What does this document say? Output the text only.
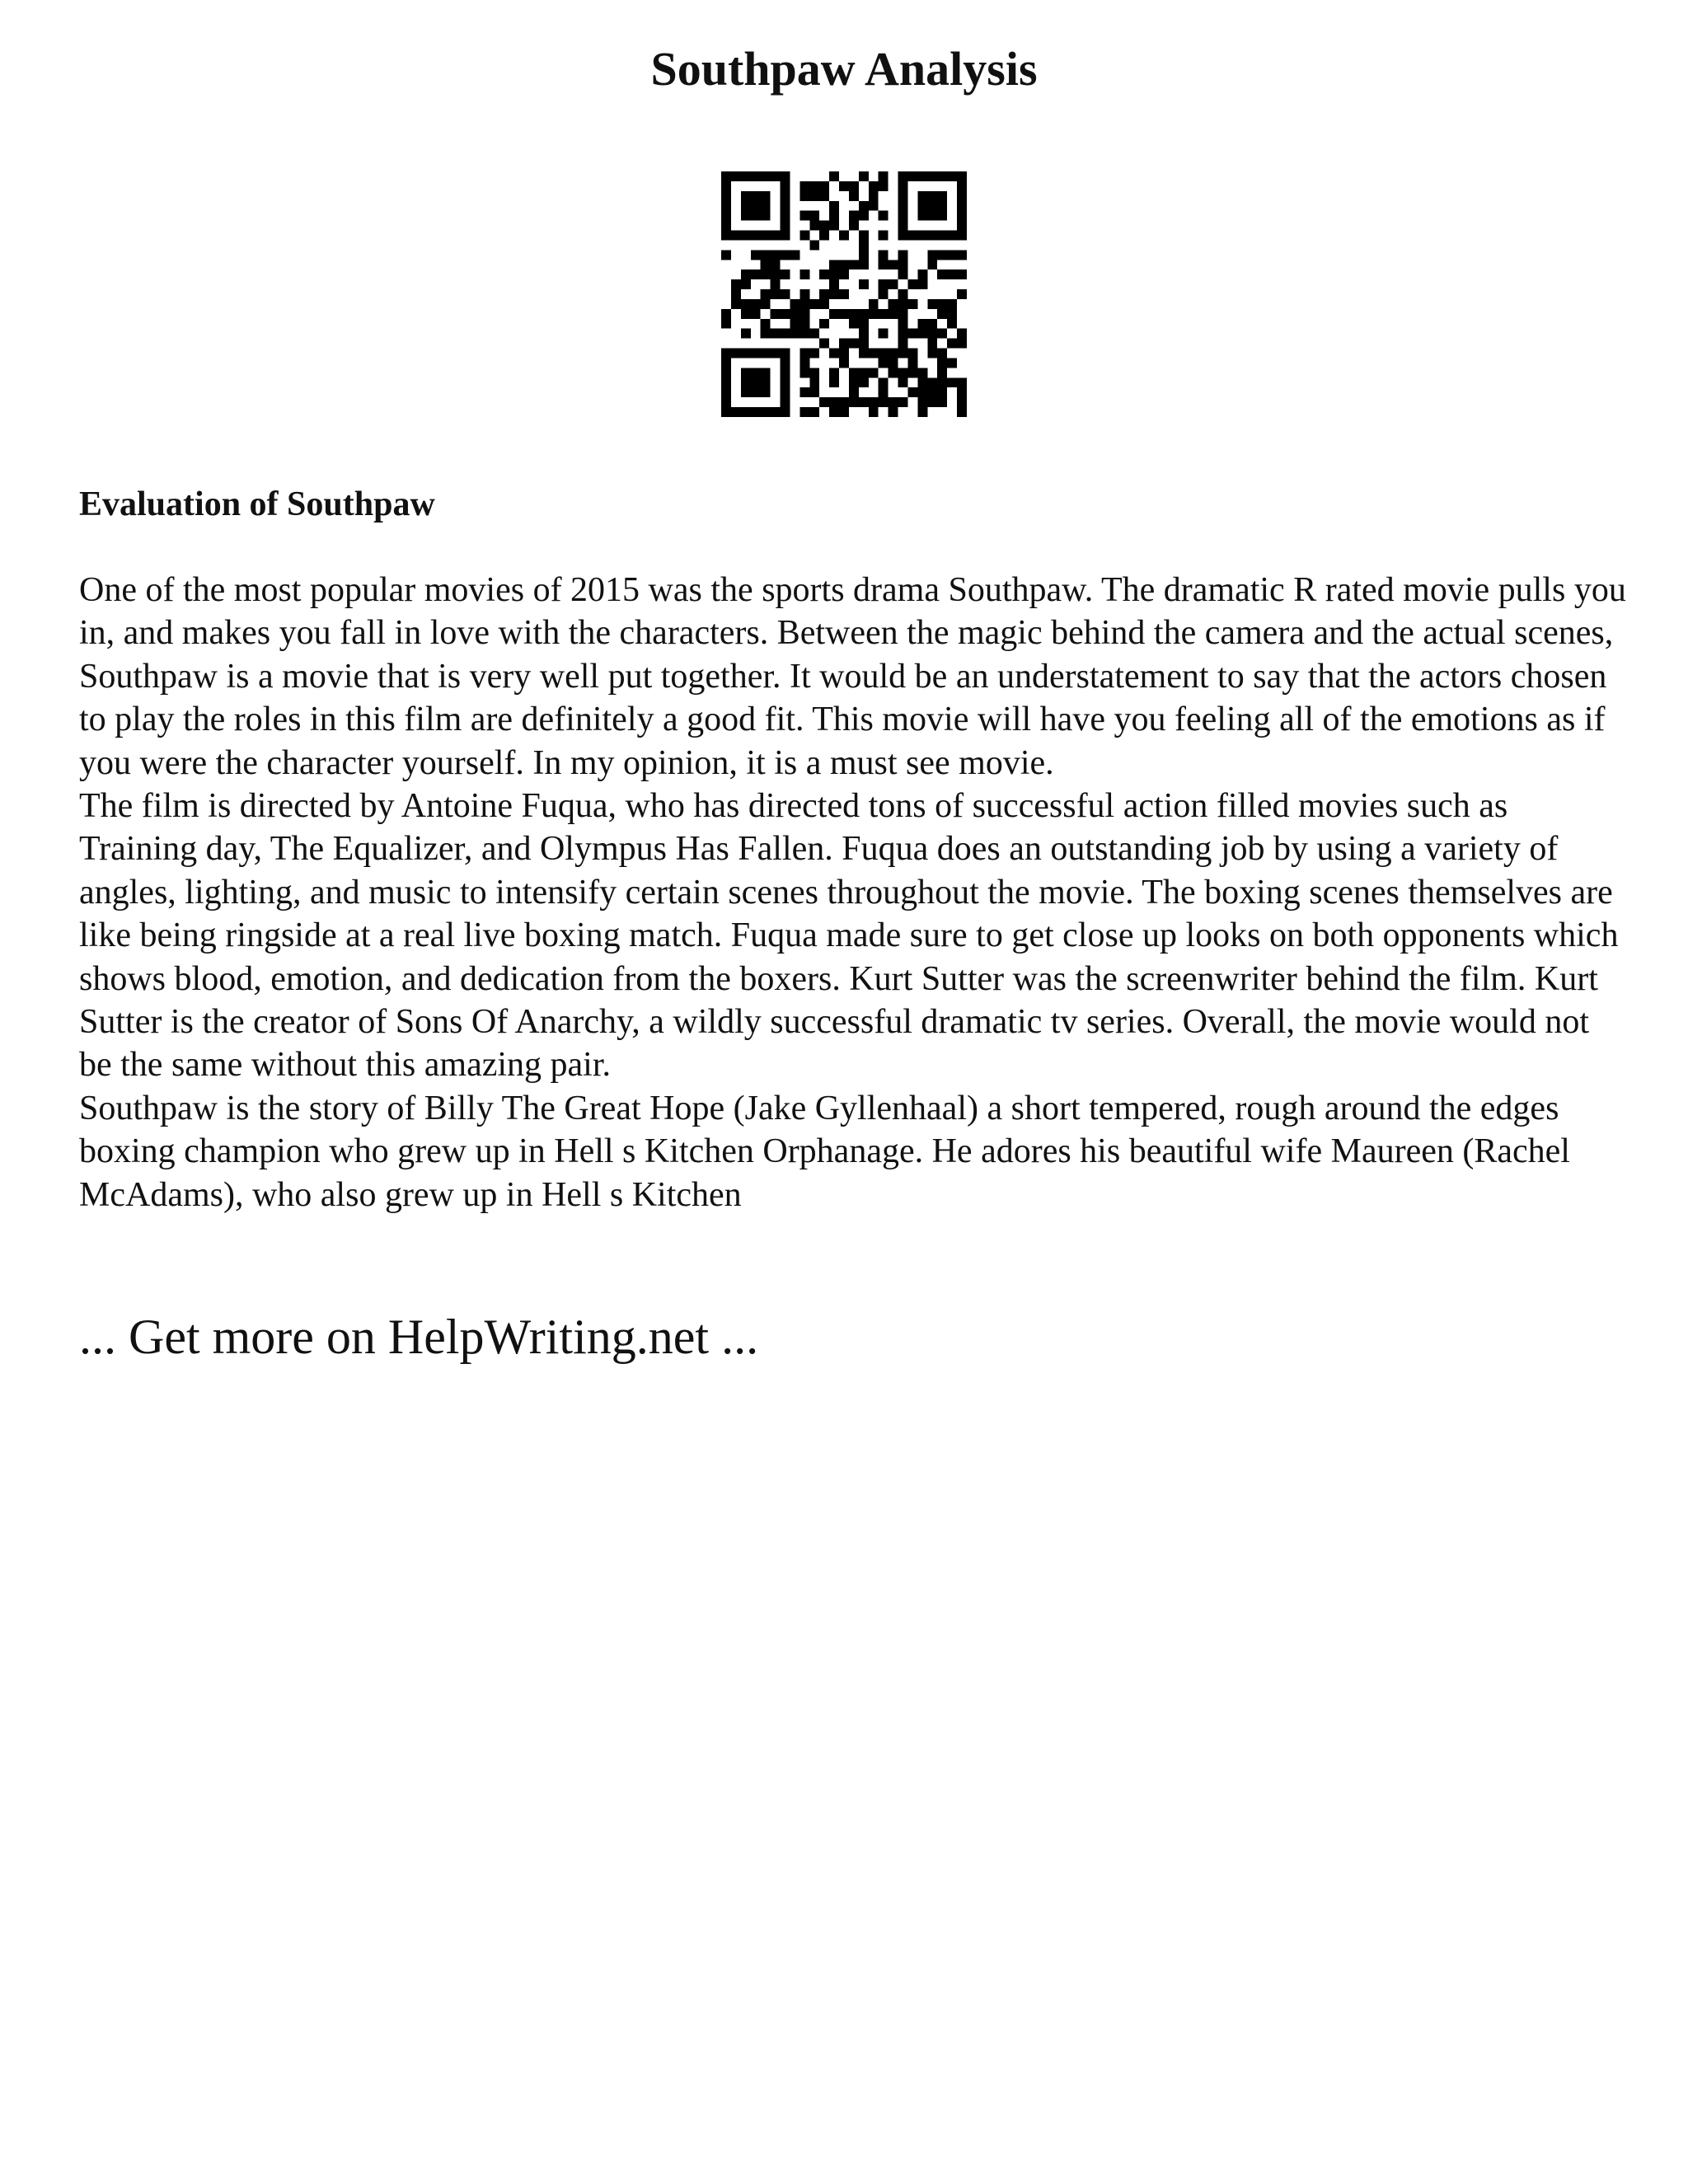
Southpaw Analysis
Evaluation of Southpaw

One of the most popular movies of 2015 was the sports drama Southpaw. The dramatic R rated movie pulls you in, and makes you fall in love with the characters. Between the magic behind the camera and the actual scenes, Southpaw is a movie that is very well put together. It would be an understatement to say that the actors chosen to play the roles in this film are definitely a good fit. This movie will have you feeling all of the emotions as if you were the character yourself. In my opinion, it is a must see movie.

The film is directed by Antoine Fuqua, who has directed tons of successful action filled movies such as Training day, The Equalizer, and Olympus Has Fallen. Fuqua does an outstanding job by using a variety of angles, lighting, and music to intensify certain scenes throughout the movie. The boxing scenes themselves are like being ringside at a real live boxing match. Fuqua made sure to get close up looks on both opponents which shows blood, emotion, and dedication from the boxers. Kurt Sutter was the screenwriter behind the film. Kurt Sutter is the creator of Sons Of Anarchy, a wildly successful dramatic tv series. Overall, the movie would not be the same without this amazing pair.

Southpaw is the story of Billy The Great Hope (Jake Gyllenhaal) a short tempered, rough around the edges boxing champion who grew up in Hell s Kitchen Orphanage. He adores his beautiful wife Maureen (Rachel McAdams), who also grew up in Hell s Kitchen

... Get more on HelpWriting.net ...
